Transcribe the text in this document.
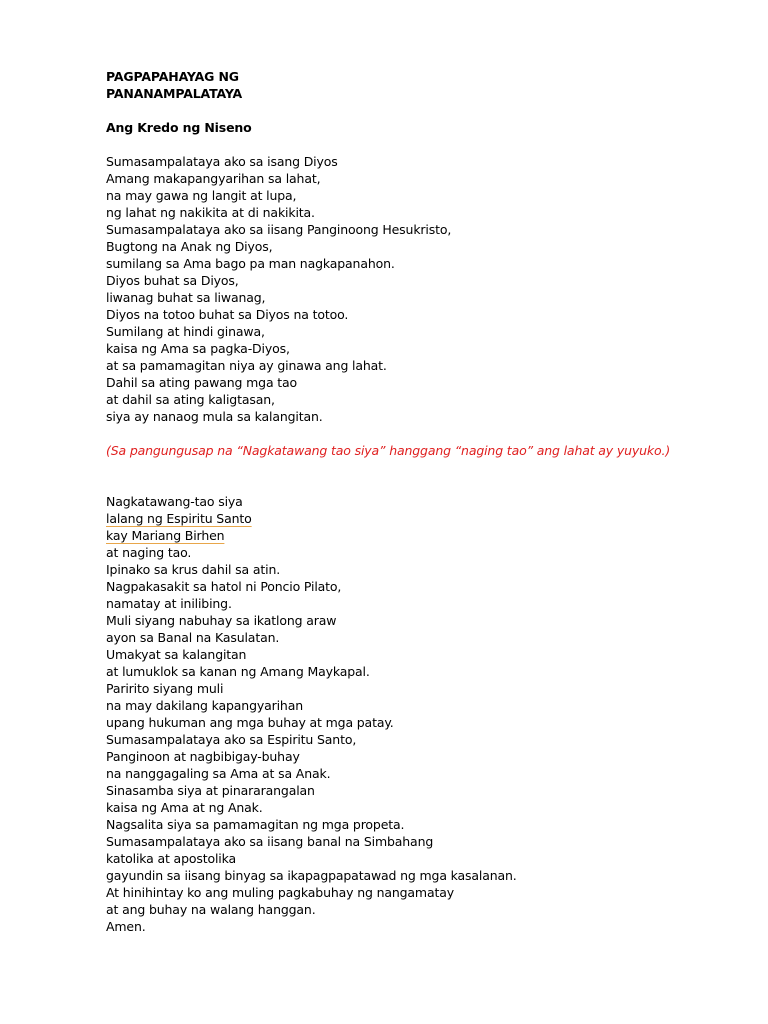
PAGPAPAHAYAG NG
PANANAMPALATAYA
Ang Kredo ng Niseno
Sumasampalataya ako sa isang Diyos
Amang makapangyarihan sa lahat,
na may gawa ng langit at lupa,
ng lahat ng nakikita at di nakikita.
Sumasampalataya ako sa iisang Panginoong Hesukristo,
Bugtong na Anak ng Diyos,
sumilang sa Ama bago pa man nagkapanahon.
Diyos buhat sa Diyos,
liwanag buhat sa liwanag,
Diyos na totoo buhat sa Diyos na totoo.
Sumilang at hindi ginawa,
kaisa ng Ama sa pagka-Diyos,
at sa pamamagitan niya ay ginawa ang lahat.
Dahil sa ating pawang mga tao
at dahil sa ating kaligtasan,
siya ay nanaog mula sa kalangitan.
(Sa pangungusap na “Nagkatawang tao siya” hanggang “naging tao” ang lahat ay yuyuko.)
Nagkatawang-tao siya
lalang ng Espiritu Santo
kay Mariang Birhen
at naging tao.
Ipinako sa krus dahil sa atin.
Nagpakasakit sa hatol ni Poncio Pilato,
namatay at inilibing.
Muli siyang nabuhay sa ikatlong araw
ayon sa Banal na Kasulatan.
Umakyat sa kalangitan
at lumuklok sa kanan ng Amang Maykapal.
Paririto siyang muli
na may dakilang kapangyarihan
upang hukuman ang mga buhay at mga patay.
Sumasampalataya ako sa Espiritu Santo,
Panginoon at nagbibigay-buhay
na nanggagaling sa Ama at sa Anak.
Sinasamba siya at pinararangalan
kaisa ng Ama at ng Anak.
Nagsalita siya sa pamamagitan ng mga propeta.
Sumasampalataya ako sa iisang banal na Simbahang
katolika at apostolika
gayundin sa iisang binyag sa ikapagpapatawad ng mga kasalanan.
At hinihintay ko ang muling pagkabuhay ng nangamatay
at ang buhay na walang hanggan.
Amen.
